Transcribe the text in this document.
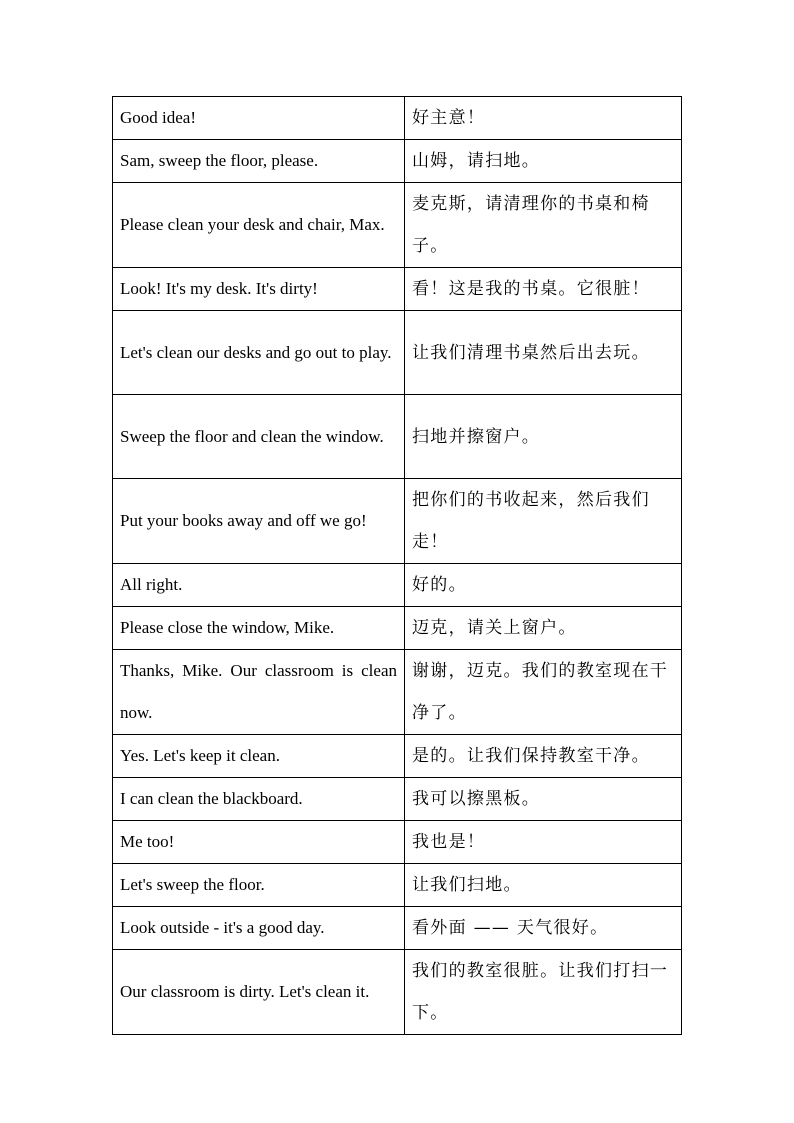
Good idea!	好主意！
Sam, sweep the floor, please.	山姆，请扫地。
Please clean your desk and chair, Max.	麦克斯，请清理你的书桌和椅子。
Look! It's my desk. It's dirty!	看！这是我的书桌。它很脏！
Let's clean our desks and go out to play.	让我们清理书桌然后出去玩。
Sweep the floor and clean the window.	扫地并擦窗户。
Put your books away and off we go!	把你们的书收起来，然后我们走！
All right.	好的。
Please close the window, Mike.	迈克，请关上窗户。
Thanks, Mike. Our classroom is clean now.	谢谢，迈克。我们的教室现在干净了。
Yes. Let's keep it clean.	是的。让我们保持教室干净。
I can clean the blackboard.	我可以擦黑板。
Me too!	我也是！
Let's sweep the floor.	让我们扫地。
Look outside - it's a good day.	看外面 —— 天气很好。
Our classroom is dirty. Let's clean it.	我们的教室很脏。让我们打扫一下。
